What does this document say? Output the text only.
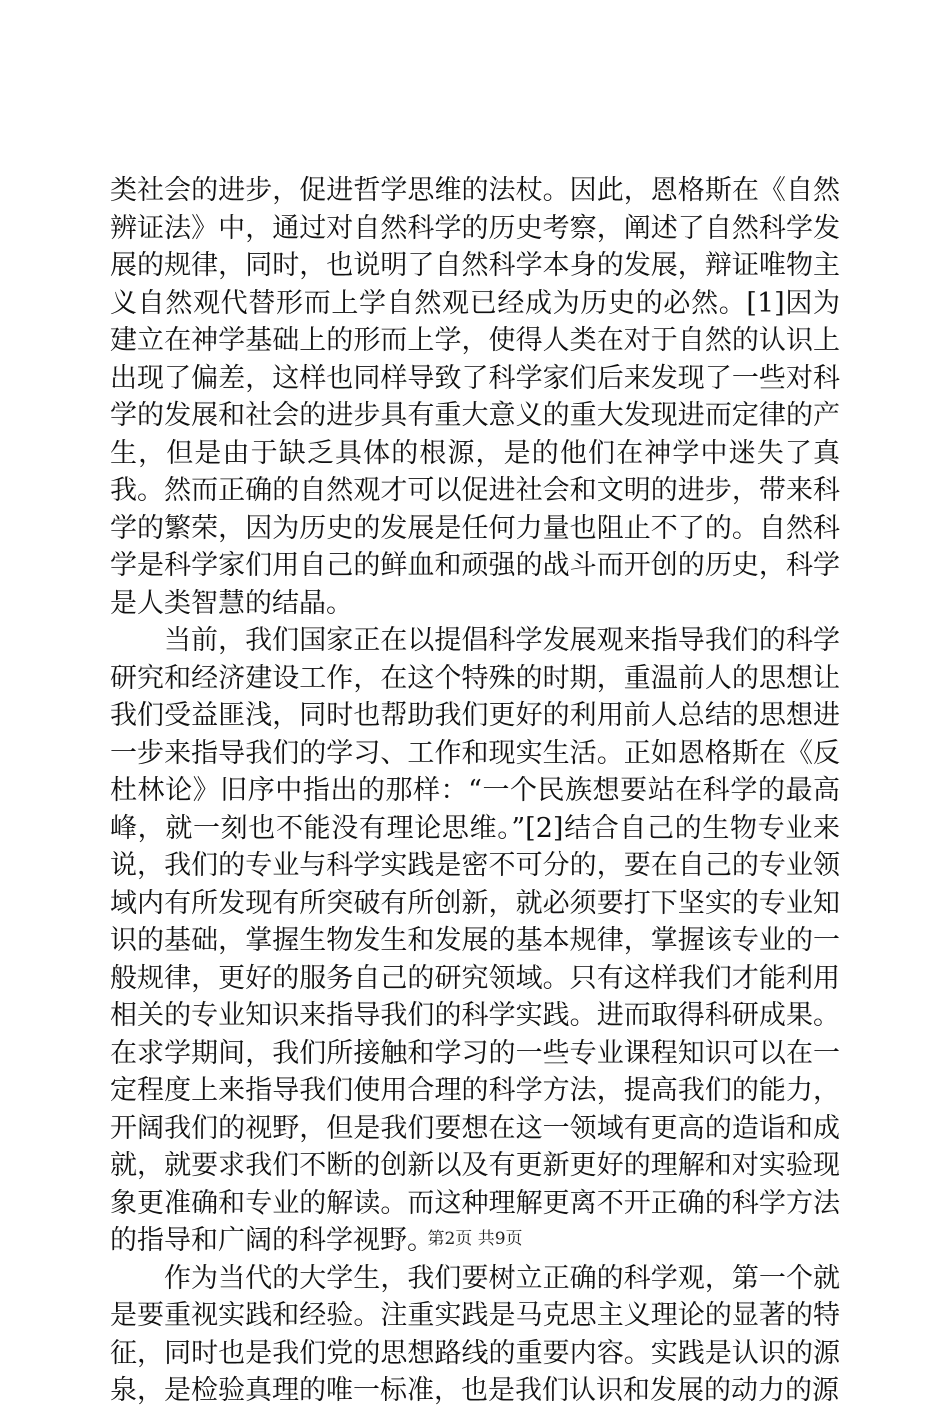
类社会的进步，促进哲学思维的法杖。因此，恩格斯在《自然辨证法》中，通过对自然科学的历史考察，阐述了自然科学发展的规律，同时，也说明了自然科学本身的发展，辩证唯物主义自然观代替形而上学自然观已经成为历史的必然。[1]因为建立在神学基础上的形而上学，使得人类在对于自然的认识上出现了偏差，这样也同样导致了科学家们后来发现了一些对科学的发展和社会的进步具有重大意义的重大发现进而定律的产生，但是由于缺乏具体的根源，是的他们在神学中迷失了真我。然而正确的自然观才可以促进社会和文明的进步，带来科学的繁荣，因为历史的发展是任何力量也阻止不了的。自然科学是科学家们用自己的鲜血和顽强的战斗而开创的历史，科学是人类智慧的结晶。

当前，我们国家正在以提倡科学发展观来指导我们的科学研究和经济建设工作，在这个特殊的时期，重温前人的思想让我们受益匪浅，同时也帮助我们更好的利用前人总结的思想进一步来指导我们的学习、工作和现实生活。正如恩格斯在《反杜林论》旧序中指出的那样：“一个民族想要站在科学的最高峰，就一刻也不能没有理论思维。”[2]结合自己的生物专业来说，我们的专业与科学实践是密不可分的，要在自己的专业领域内有所发现有所突破有所创新，就必须要打下坚实的专业知识的基础，掌握生物发生和发展的基本规律，掌握该专业的一般规律，更好的服务自己的研究领域。只有这样我们才能利用相关的专业知识来指导我们的科学实践。进而取得科研成果。在求学期间，我们所接触和学习的一些专业课程知识可以在一定程度上来指导我们使用合理的科学方法，提高我们的能力，开阔我们的视野，但是我们要想在这一领域有更高的造诣和成就，就要求我们不断的创新以及有更新更好的理解和对实验现象更准确和专业的解读。而这种理解更离不开正确的科学方法的指导和广阔的科学视野。

作为当代的大学生，我们要树立正确的科学观，第一个就是要重视实践和经验。注重实践是马克思主义理论的显著的特征，同时也是我们党的思想路线的重要内容。实践是认识的源泉，是检验真理的唯一标准，也是我们认识和发展的动力的源

第2页 共9页
